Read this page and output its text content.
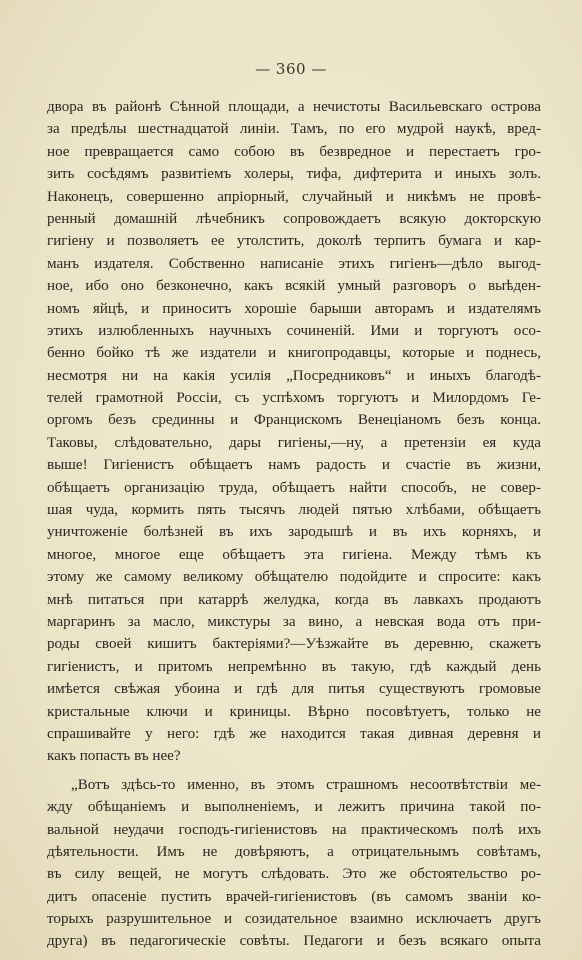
— 360 —
двора въ районѣ Сѣнной площади, а нечистоты Васильевскаго острова
за предѣлы шестнадцатой линіи. Тамъ, по его мудрой наукѣ, вред-
ное превращается само собою въ безвредное и перестаетъ гро-
зить сосѣдямъ развитіемъ холеры, тифа, дифтерита и иныхъ золъ.
Наконецъ, совершенно апріорный, случайный и никѣмъ не провѣ-
ренный домашній лѣчебникъ сопровождаетъ всякую докторскую
гигіену и позволяетъ ее утолстить, доколѣ терпитъ бумага и кар-
манъ издателя. Собственно написаніе этихъ гигіенъ—дѣло выгод-
ное, ибо оно безконечно, какъ всякій умный разговоръ о выѣден-
номъ яйцѣ, и приноситъ хорошіе барыши авторамъ и издателямъ
этихъ излюбленныхъ научныхъ сочиненій. Ими и торгуютъ осо-
бенно бойко тѣ же издатели и книгопродавцы, которые и поднесь,
несмотря ни на какія усилія „Посредниковъ“ и иныхъ благодѣ-
телей грамотной Россіи, съ успѣхомъ торгуютъ и Милордомъ Ге-
оргомъ безъ срединны и Францискомъ Венеціаномъ безъ конца.
Таковы, слѣдовательно, дары гигіены,—ну, а претензіи ея куда
выше! Гигіенистъ обѣщаетъ намъ радость и счастіе въ жизни,
обѣщаетъ организацію труда, обѣщаетъ найти способъ, не совер-
шая чуда, кормить пять тысячъ людей пятью хлѣбами, обѣщаетъ
уничтоженіе болѣзней въ ихъ зародышѣ и въ ихъ корняхъ, и
многое, многое еще обѣщаетъ эта гигіена. Между тѣмъ къ
этому же самому великому обѣщателю подойдите и спросите: какъ
мнѣ питаться при катаррѣ желудка, когда въ лавкахъ продаютъ
маргаринъ за масло, микстуры за вино, а невская вода отъ при-
роды своей кишитъ бактеріями?—Уѣзжайте въ деревню, скажетъ
гигіенистъ, и притомъ непремѣнно въ такую, гдѣ каждый день
имѣется свѣжая убоина и гдѣ для питья существуютъ громовые
кристальные ключи и криницы. Вѣрно посовѣтуетъ, только не
спрашивайте у него: гдѣ же находится такая дивная деревня и
какъ попасть въ нее?
„Вотъ здѣсь-то именно, въ этомъ страшномъ несоотвѣтствіи ме-
жду обѣщаніемъ и выполненіемъ, и лежитъ причина такой по-
вальной неудачи господъ-гигіенистовъ на практическомъ полѣ ихъ
дѣятельности. Имъ не довѣряютъ, а отрицательнымъ совѣтамъ,
въ силу вещей, не могутъ слѣдовать. Это же обстоятельство ро-
дитъ опасеніе пустить врачей-гигіенистовъ (въ самомъ званіи ко-
торыхъ разрушительное и созидательное взаимно исключаетъ другъ
друга) въ педагогическіе совѣты. Педагоги и безъ всякаго опыта
